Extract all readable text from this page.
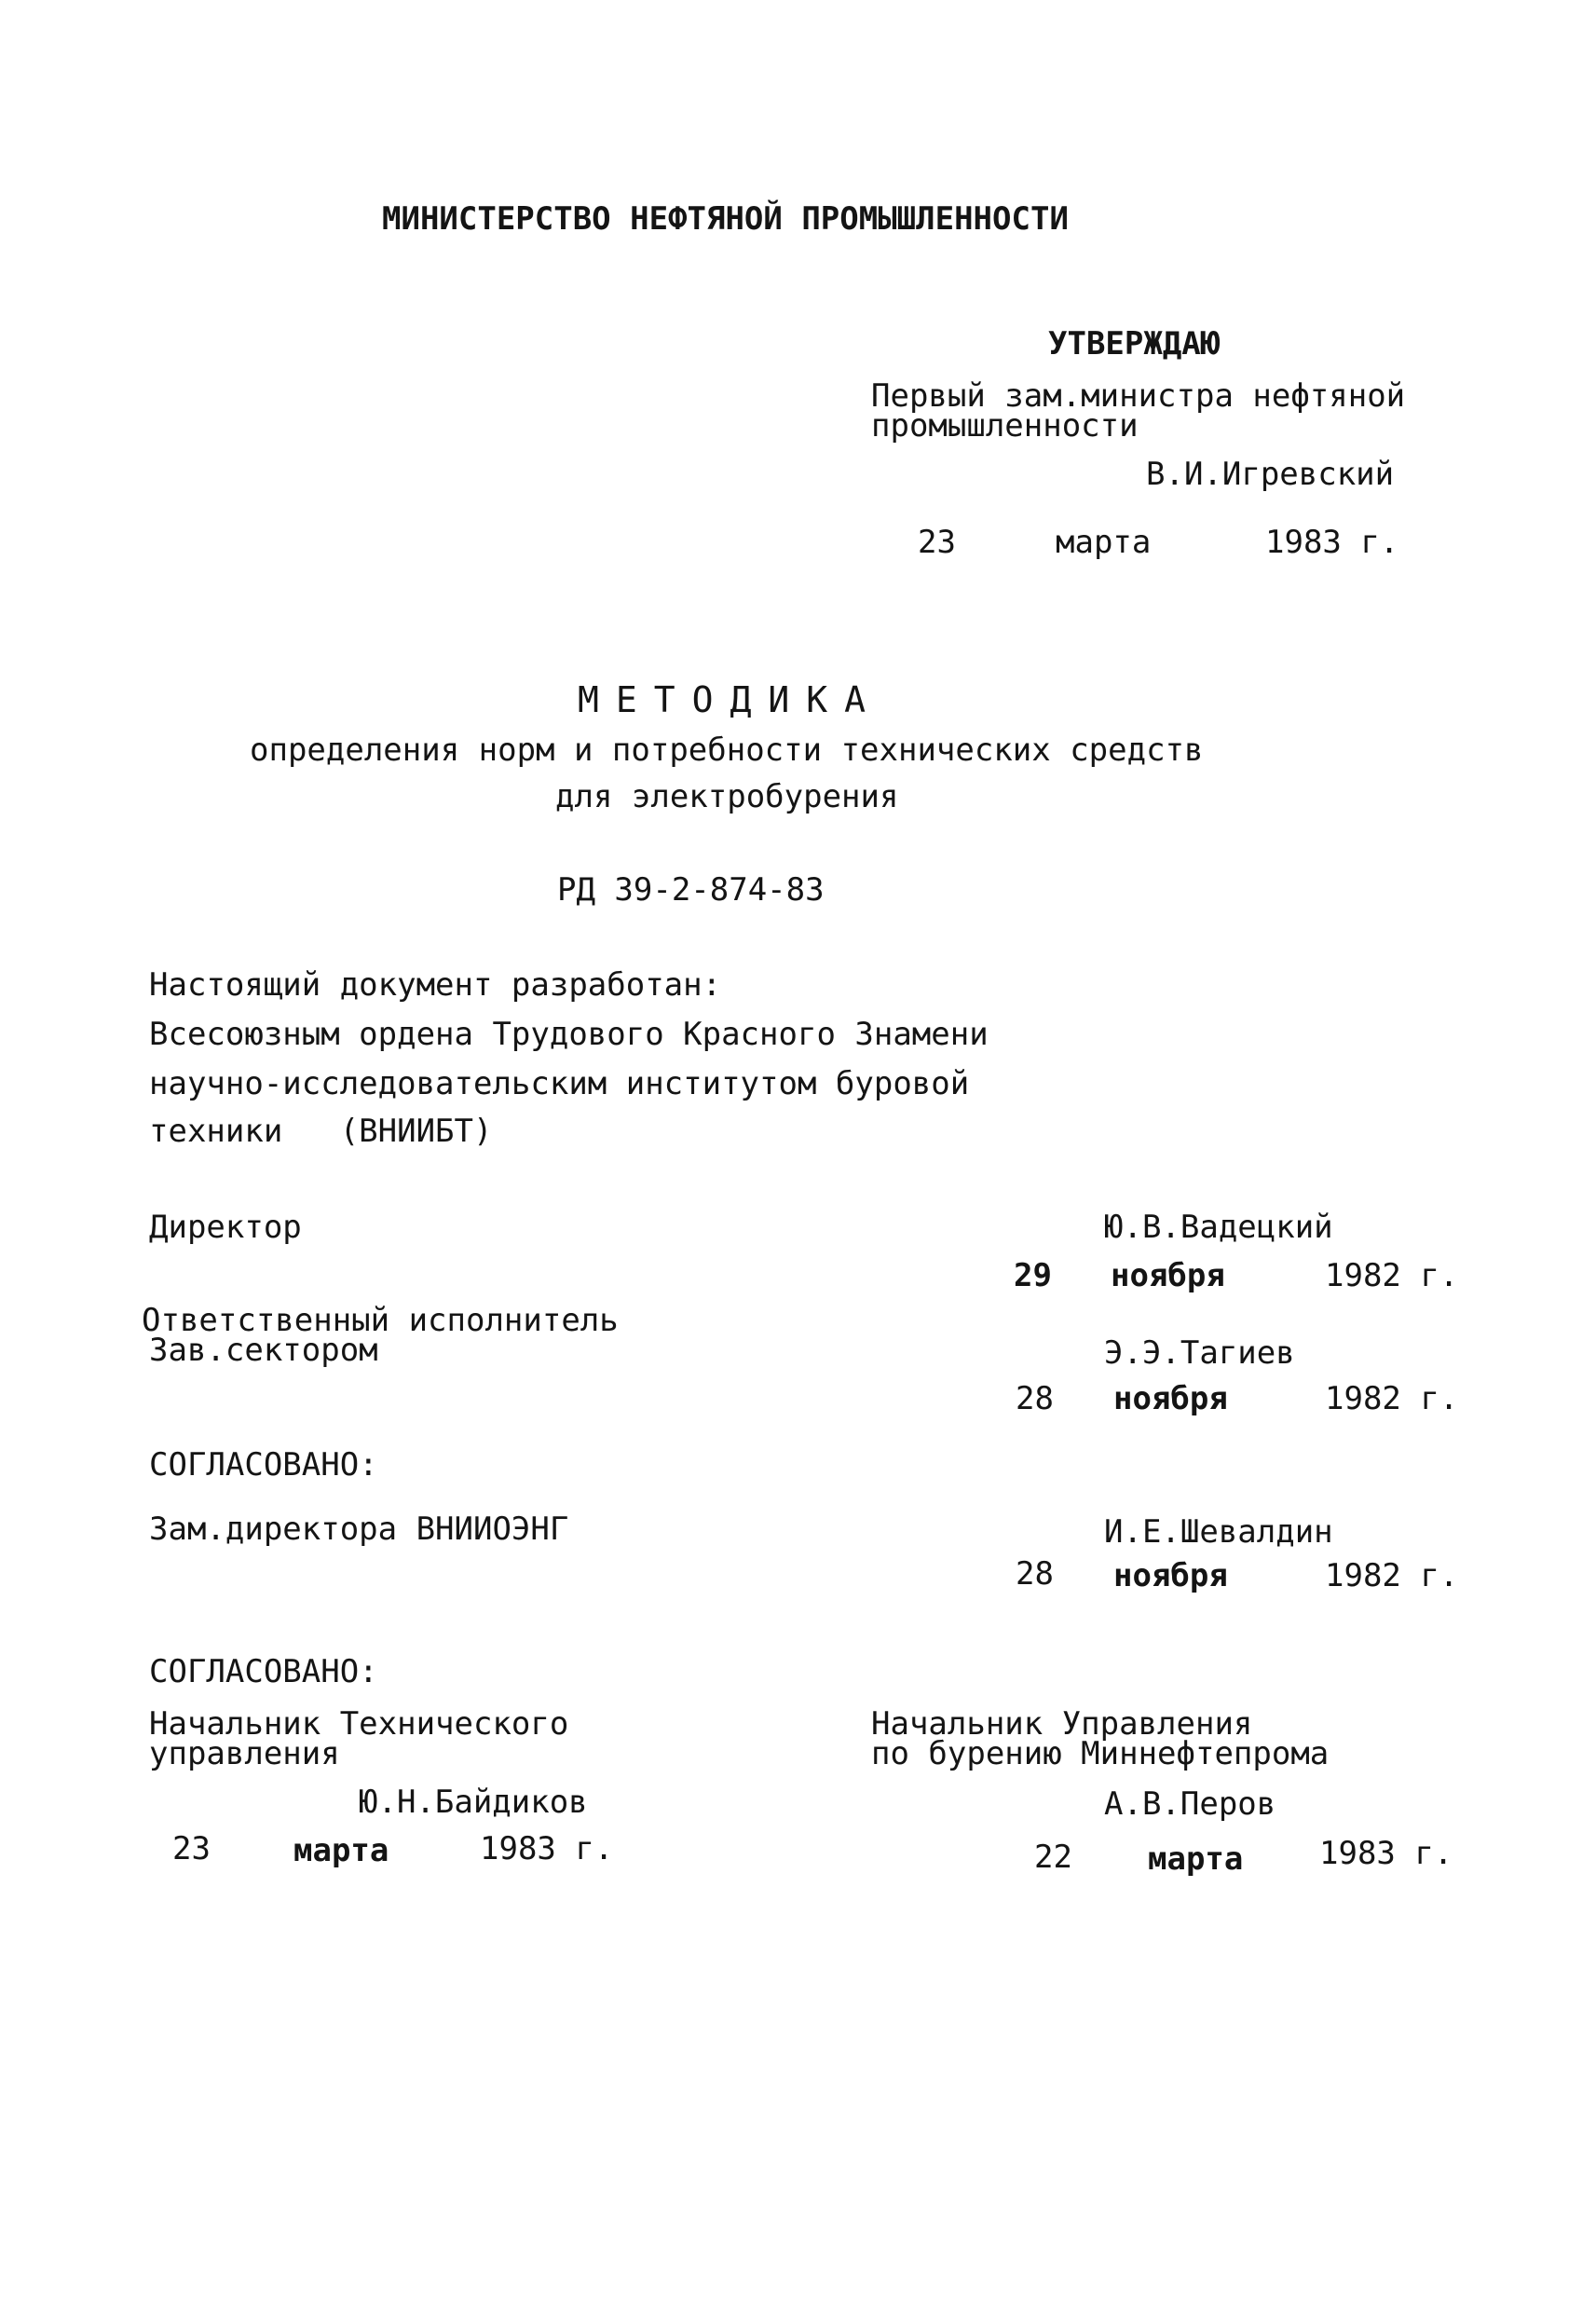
МИНИСТЕРСТВО НЕФТЯНОЙ ПРОМЫШЛЕННОСТИ
УТВЕРЖДАЮ
Первый зам.министра нефтяной
промышленности
В.И.Игревский
23	марта	1983 г.
МЕТОДИКА
определения норм и потребности технических средств
для электробурения
РД 39-2-874-83
Настоящий документ разработан:
Всесоюзным ордена Трудового Красного Знамени
научно-исследовательским институтом буровой
техники   (ВНИИБТ)
Директор	Ю.В.Вадецкий
29 ноября	1982 г.
Ответственный исполнитель
Зав.сектором	Э.Э.Тагиев
28 ноября	1982 г.
СОГЛАСОВАНО:
Зам.директора ВНИИОЭНГ	И.Е.Шевалдин
28 ноября	1982 г.
СОГЛАСОВАНО:
Начальник Технического
управления
Ю.Н.Байдиков
23	марта	1983 г.
Начальник Управления
по бурению Миннефтепрома
А.В.Перов
22 марта 1983 г.
